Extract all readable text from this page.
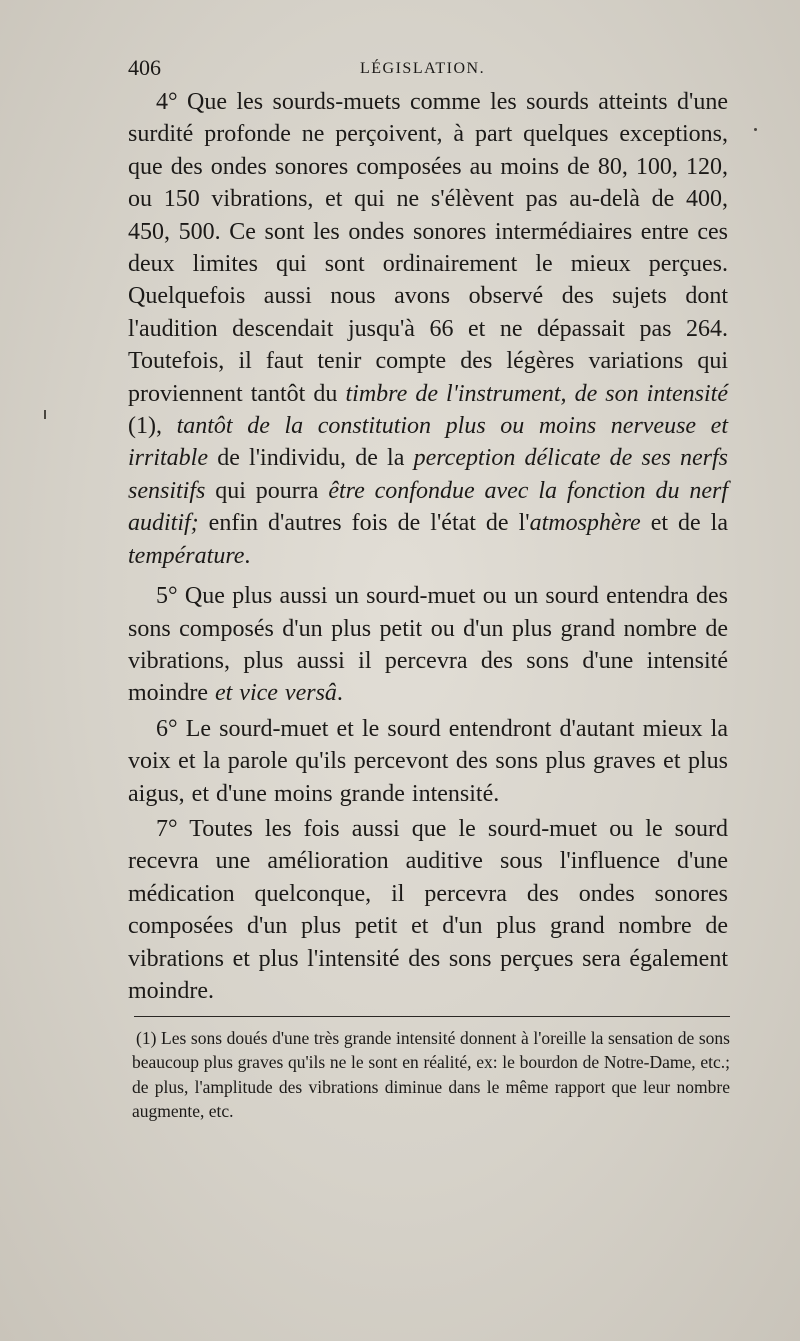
406	LÉGISLATION.

4° Que les sourds-muets comme les sourds atteints d'une surdité profonde ne perçoivent, à part quelques exceptions, que des ondes sonores composées au moins de 80, 100, 120, ou 150 vibrations, et qui ne s'élèvent pas au-delà de 400, 450, 500. Ce sont les ondes sonores intermédiaires entre ces deux limites qui sont ordinairement le mieux perçues. Quelquefois aussi nous avons observé des sujets dont l'audition descendait jusqu'à 66 et ne dépassait pas 264. Toutefois, il faut tenir compte des légères variations qui proviennent tantôt du timbre de l'instrument, de son intensité (1), tantôt de la constitution plus ou moins nerveuse et irritable de l'individu, de la perception délicate de ses nerfs sensitifs qui pourra être confondue avec la fonction du nerf auditif; enfin d'autres fois de l'état de l'atmosphère et de la température.

5° Que plus aussi un sourd-muet ou un sourd entendra des sons composés d'un plus petit ou d'un plus grand nombre de vibrations, plus aussi il percevra des sons d'une intensité moindre et vice versâ.

6° Le sourd-muet et le sourd entendront d'autant mieux la voix et la parole qu'ils percevont des sons plus graves et plus aigus, et d'une moins grande intensité.

7° Toutes les fois aussi que le sourd-muet ou le sourd recevra une amélioration auditive sous l'influence d'une médication quelconque, il percevra des ondes sonores composées d'un plus petit et d'un plus grand nombre de vibrations et plus l'intensité des sons perçues sera également moindre.

(1) Les sons doués d'une très grande intensité donnent à l'oreille la sensation de sons beaucoup plus graves qu'ils ne le sont en réalité, ex: le bourdon de Notre-Dame, etc.; de plus, l'amplitude des vibrations diminue dans le même rapport que leur nombre augmente, etc.
